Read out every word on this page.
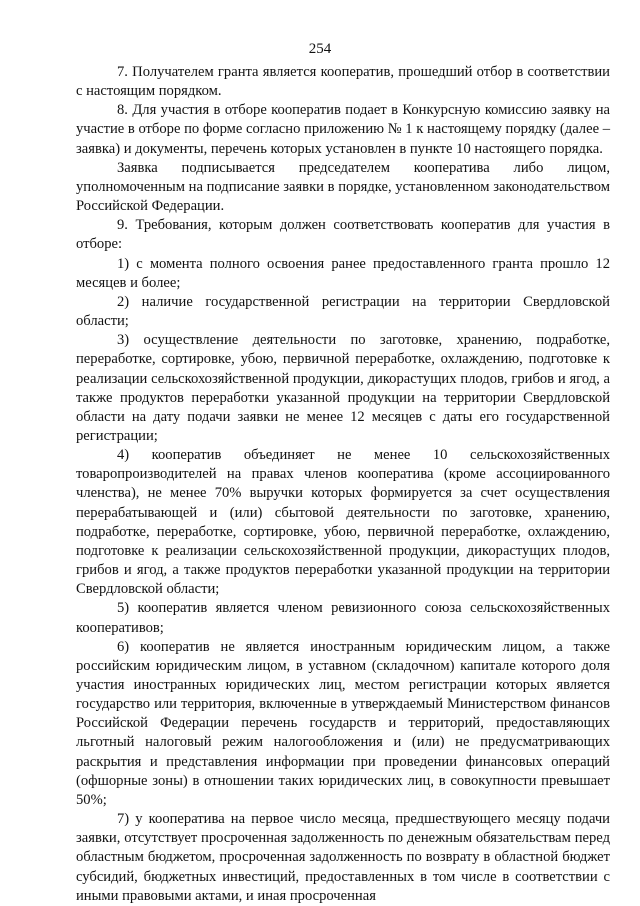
254

7. Получателем гранта является кооператив, прошедший отбор в соответствии с настоящим порядком.

8. Для участия в отборе кооператив подает в Конкурсную комиссию заявку на участие в отборе по форме согласно приложению № 1 к настоящему порядку (далее – заявка) и документы, перечень которых установлен в пункте 10 настоящего порядка.

Заявка подписывается председателем кооператива либо лицом, уполномоченным на подписание заявки в порядке, установленном законодательством Российской Федерации.

9. Требования, которым должен соответствовать кооператив для участия в отборе:

1) с момента полного освоения ранее предоставленного гранта прошло 12 месяцев и более;

2) наличие государственной регистрации на территории Свердловской области;

3) осуществление деятельности по заготовке, хранению, подработке, переработке, сортировке, убою, первичной переработке, охлаждению, подготовке к реализации сельскохозяйственной продукции, дикорастущих плодов, грибов и ягод, а также продуктов переработки указанной продукции на территории Свердловской области на дату подачи заявки не менее 12 месяцев с даты его государственной регистрации;

4) кооператив объединяет не менее 10 сельскохозяйственных товаропроизводителей на правах членов кооператива (кроме ассоциированного членства), не менее 70% выручки которых формируется за счет осуществления перерабатывающей и (или) сбытовой деятельности по заготовке, хранению, подработке, переработке, сортировке, убою, первичной переработке, охлаждению, подготовке к реализации сельскохозяйственной продукции, дикорастущих плодов, грибов и ягод, а также продуктов переработки указанной продукции на территории Свердловской области;

5) кооператив является членом ревизионного союза сельскохозяйственных кооперативов;

6) кооператив не является иностранным юридическим лицом, а также российским юридическим лицом, в уставном (складочном) капитале которого доля участия иностранных юридических лиц, местом регистрации которых является государство или территория, включенные в утверждаемый Министерством финансов Российской Федерации перечень государств и территорий, предоставляющих льготный налоговый режим налогообложения и (или) не предусматривающих раскрытия и представления информации при проведении финансовых операций (офшорные зоны) в отношении таких юридических лиц, в совокупности превышает 50%;

7) у кооператива на первое число месяца, предшествующего месяцу подачи заявки, отсутствует просроченная задолженность по денежным обязательствам перед областным бюджетом, просроченная задолженность по возврату в областной бюджет субсидий, бюджетных инвестиций, предоставленных в том числе в соответствии с иными правовыми актами, и иная просроченная
